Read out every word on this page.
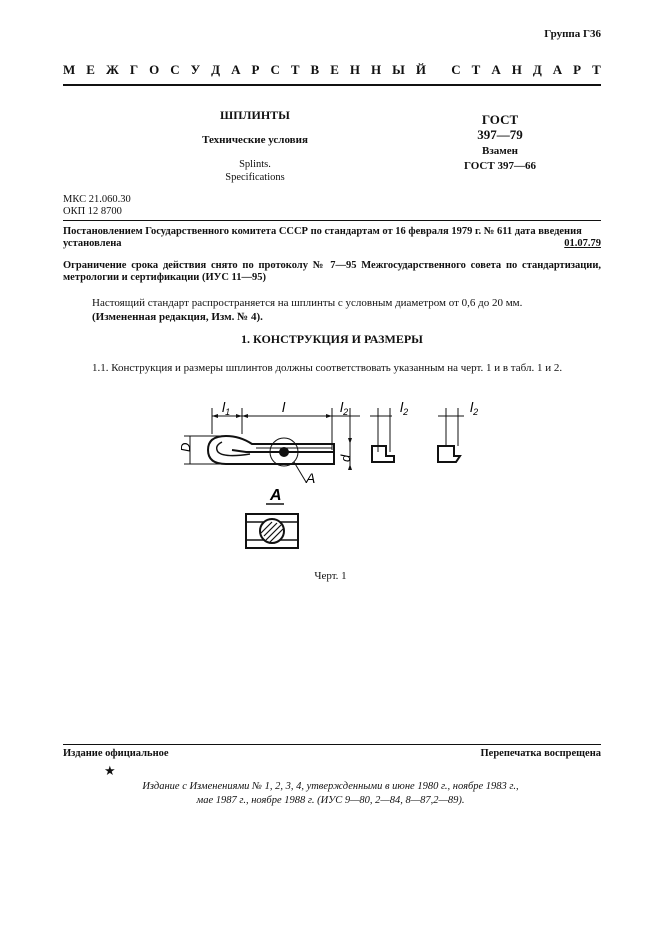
Группа Г36
М Е Ж Г О С У Д А Р С Т В Е Н Н Ы Й
С Т А Н Д А Р Т
ШПЛИНТЫ
Технические условия
Splints.
Specifications
ГОСТ
397—79
Взамен
ГОСТ 397—66
МКС 21.060.30
ОКП 12 8700
Постановлением Государственного комитета СССР по стандартам от 16 февраля 1979 г. № 611 дата введения
установлена	01.07.79
Ограничение срока действия снято по протоколу № 7—95 Межгосударственного совета по стандартизации, метрологии и сертификации (ИУС 11—95)
Настоящий стандарт распространяется на шплинты с условным диаметром от 0,6 до 20 мм.
(Измененная редакция, Изм. № 4).
1. КОНСТРУКЦИЯ И РАЗМЕРЫ
1.1. Конструкция и размеры шплинтов должны соответствовать указанным на черт. 1 и в табл. 1 и 2.
$l_1$	l	$l_2$
D
A
d
$l_2$	$l_2$
A
Черт. 1
Издание официальное	Перепечатка воспрещена
★
Издание с Изменениями № 1, 2, 3, 4, утвержденными в июне 1980 г., ноябре 1983 г.,
мае 1987 г., ноябре 1988 г. (ИУС 9—80, 2—84, 8—87,2—89).
